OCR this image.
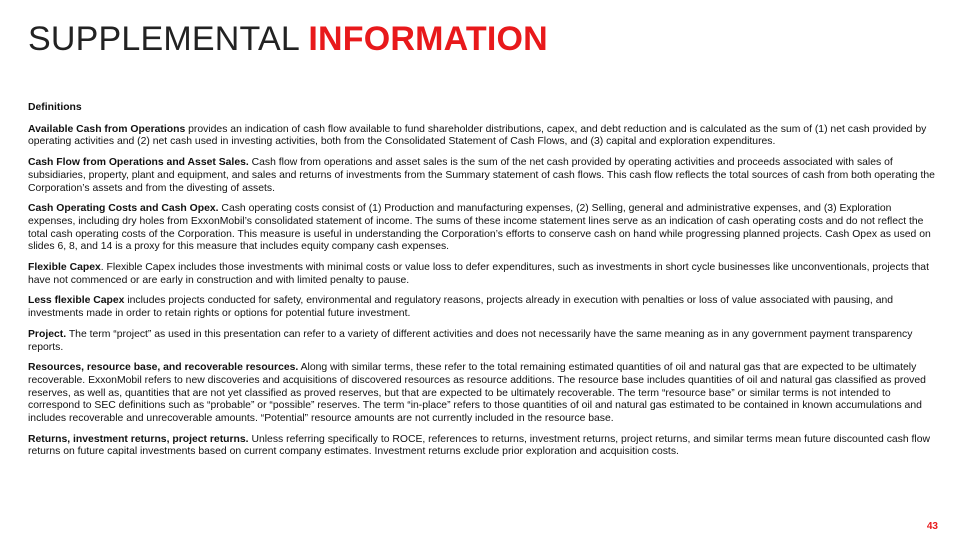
SUPPLEMENTAL INFORMATION

Definitions

Available Cash from Operations provides an indication of cash flow available to fund shareholder distributions, capex, and debt reduction and is calculated as the sum of (1) net cash provided by operating activities and (2) net cash used in investing activities, both from the Consolidated Statement of Cash Flows, and (3) capital and exploration expenditures.

Cash Flow from Operations and Asset Sales. Cash flow from operations and asset sales is the sum of the net cash provided by operating activities and proceeds associated with sales of subsidiaries, property, plant and equipment, and sales and returns of investments from the Summary statement of cash flows. This cash flow reflects the total sources of cash from both operating the Corporation’s assets and from the divesting of assets.

Cash Operating Costs and Cash Opex. Cash operating costs consist of (1) Production and manufacturing expenses, (2) Selling, general and administrative expenses, and (3) Exploration expenses, including dry holes from ExxonMobil’s consolidated statement of income. The sums of these income statement lines serve as an indication of cash operating costs and do not reflect the total cash operating costs of the Corporation. This measure is useful in understanding the Corporation’s efforts to conserve cash on hand while progressing planned projects. Cash Opex as used on slides 6, 8, and 14 is a proxy for this measure that includes equity company cash expenses.

Flexible Capex. Flexible Capex includes those investments with minimal costs or value loss to defer expenditures, such as investments in short cycle businesses like unconventionals, projects that have not commenced or are early in construction and with limited penalty to pause.

Less flexible Capex includes projects conducted for safety, environmental and regulatory reasons, projects already in execution with penalties or loss of value associated with pausing, and investments made in order to retain rights or options for potential future investment.

Project. The term “project” as used in this presentation can refer to a variety of different activities and does not necessarily have the same meaning as in any government payment transparency reports.

Resources, resource base, and recoverable resources. Along with similar terms, these refer to the total remaining estimated quantities of oil and natural gas that are expected to be ultimately recoverable. ExxonMobil refers to new discoveries and acquisitions of discovered resources as resource additions. The resource base includes quantities of oil and natural gas classified as proved reserves, as well as, quantities that are not yet classified as proved reserves, but that are expected to be ultimately recoverable. The term “resource base” or similar terms is not intended to correspond to SEC definitions such as “probable” or “possible” reserves. The term “in-place” refers to those quantities of oil and natural gas estimated to be contained in known accumulations and includes recoverable and unrecoverable amounts. “Potential” resource amounts are not currently included in the resource base.

Returns, investment returns, project returns. Unless referring specifically to ROCE, references to returns, investment returns, project returns, and similar terms mean future discounted cash flow returns on future capital investments based on current company estimates. Investment returns exclude prior exploration and acquisition costs.

43
